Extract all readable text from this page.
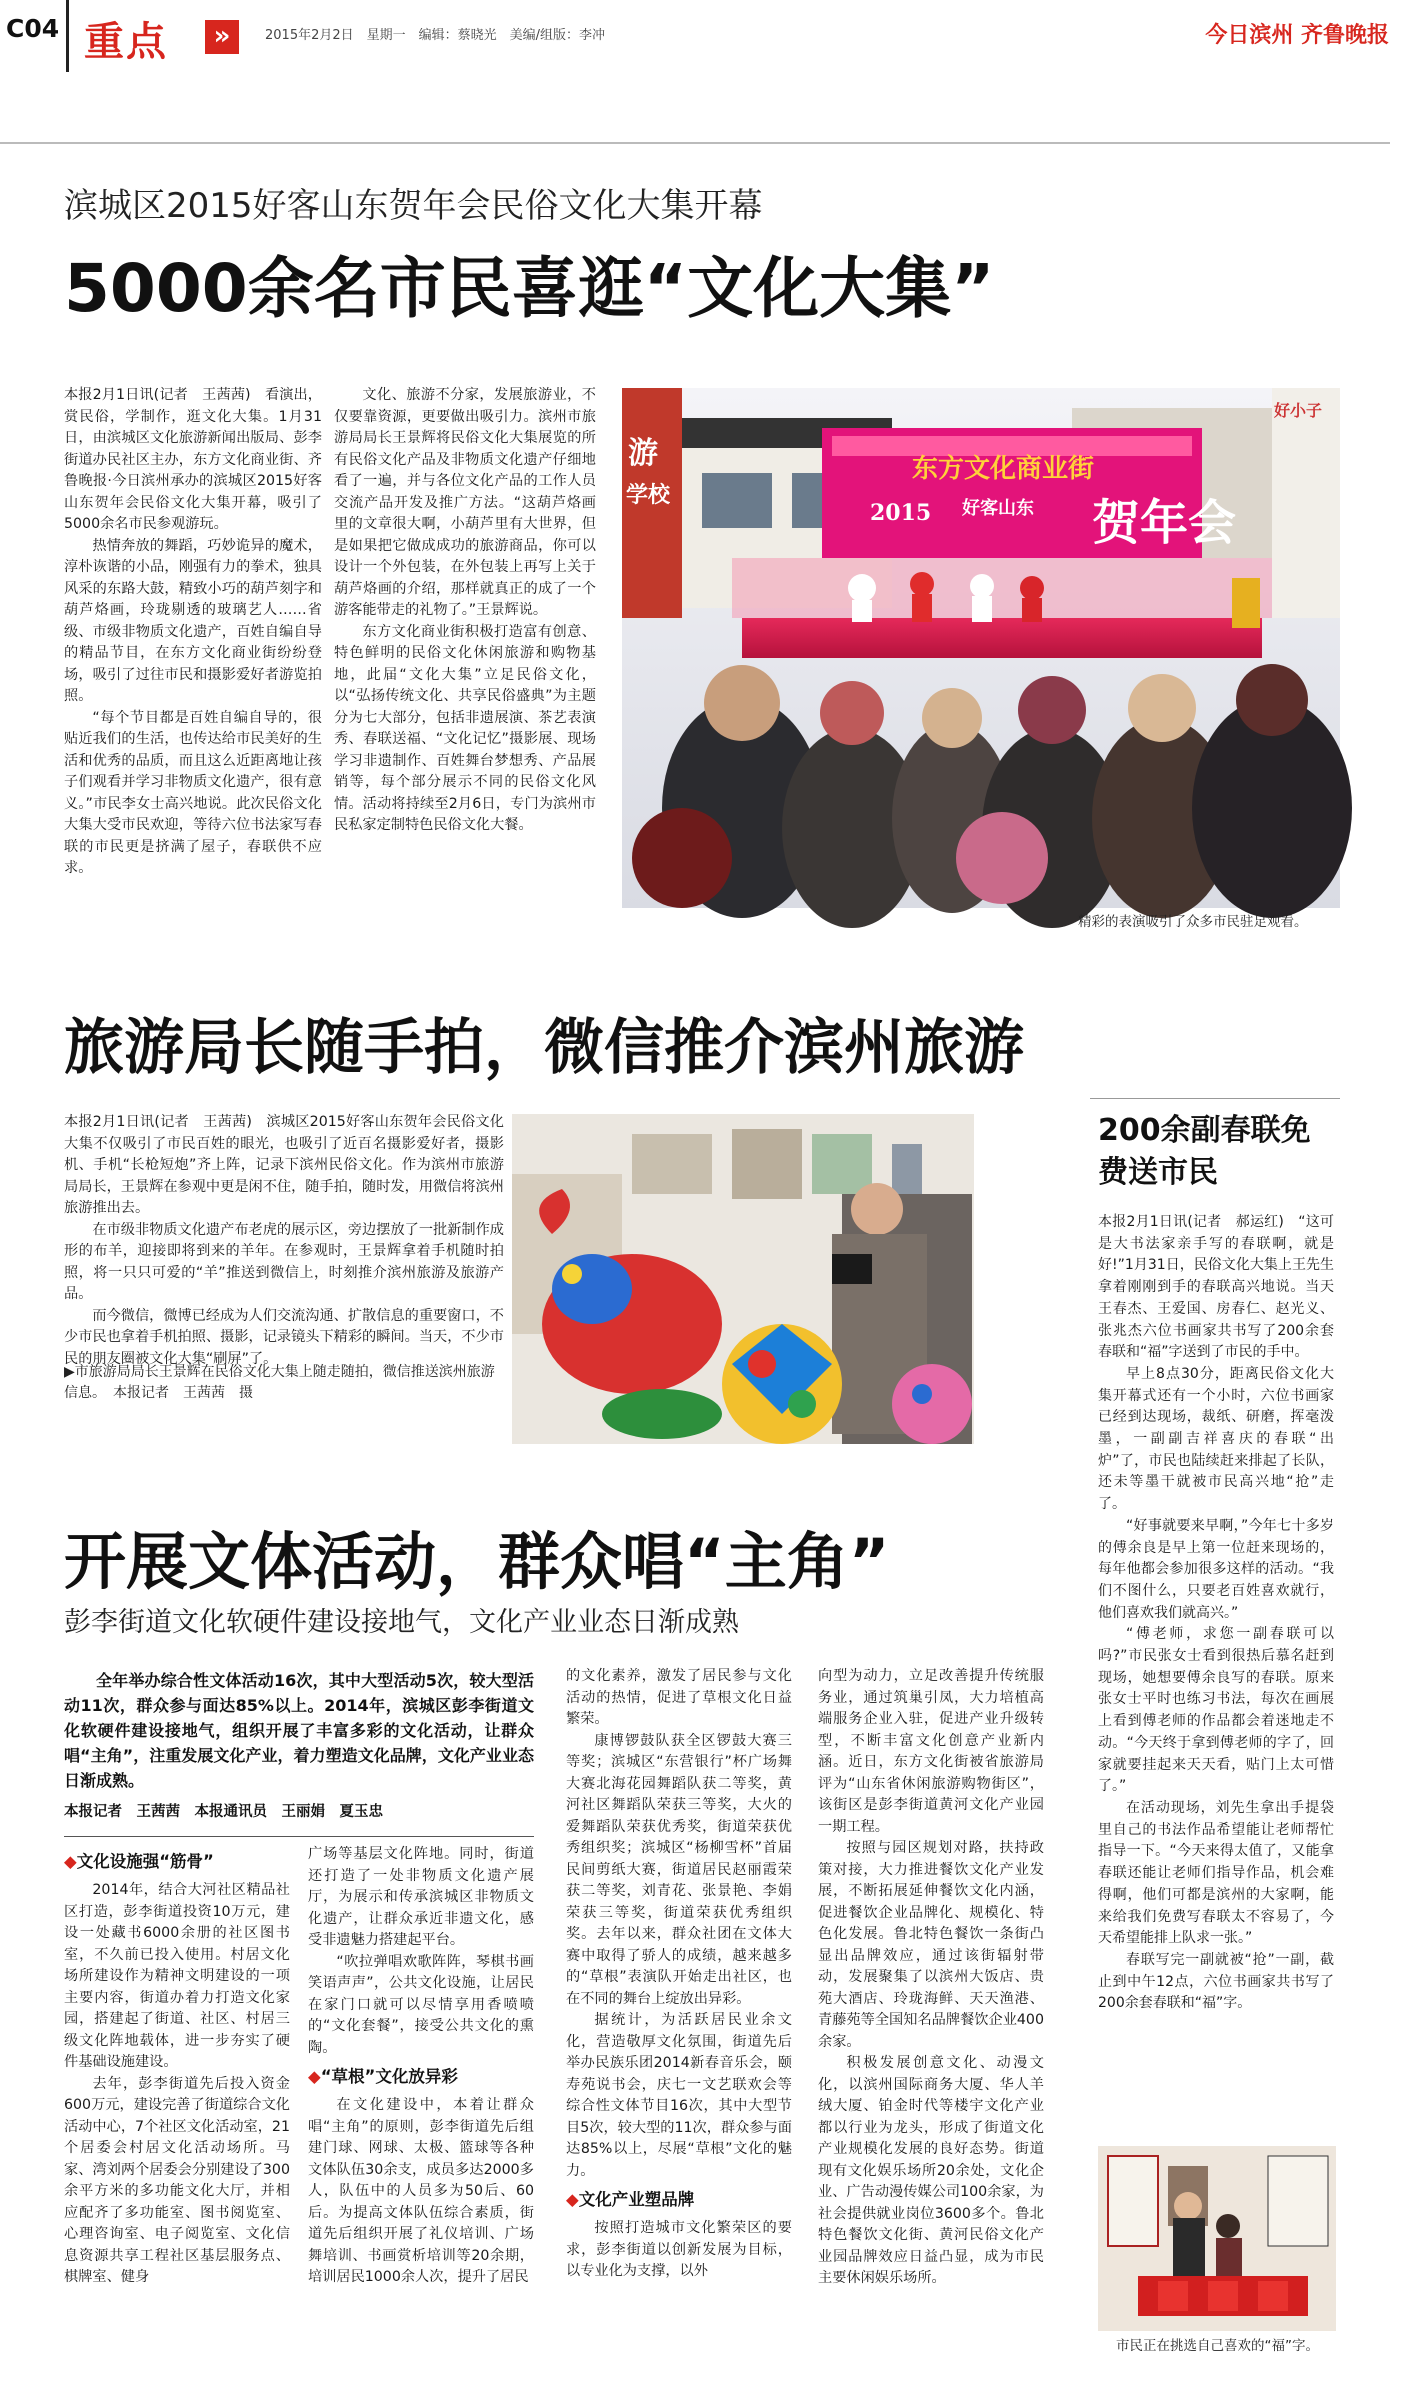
C04 重点	»	2015年2月2日　星期一　编辑：蔡晓光　美编/组版：李冲	今日滨州 齐鲁晚报
滨城区2015好客山东贺年会民俗文化大集开幕
5000余名市民喜逛“文化大集”

本报2月1日讯(记者　王茜茜)　看演出，赏民俗，学制作，逛文化大集。1月31日，由滨城区文化旅游新闻出版局、彭李街道办民社区主办，东方文化商业街、齐鲁晚报·今日滨州承办的滨城区2015好客山东贺年会民俗文化大集开幕，吸引了5000余名市民参观游玩。

热情奔放的舞蹈，巧妙诡异的魔术，淳朴诙谐的小品，刚强有力的拳术，独具风采的东路大鼓，精致小巧的葫芦刻字和葫芦烙画，玲珑剔透的玻璃艺人……省级、市级非物质文化遗产，百姓自编自导的精品节目，在东方文化商业街纷纷登场，吸引了过往市民和摄影爱好者游览拍照。

“每个节目都是百姓自编自导的，很贴近我们的生活，也传达给市民美好的生活和优秀的品质，而且这么近距离地让孩子们观看并学习非物质文化遗产，很有意义。”市民李女士高兴地说。此次民俗文化大集大受市民欢迎，等待六位书法家写春联的市民更是挤满了屋子，春联供不应求。

文化、旅游不分家，发展旅游业，不仅要靠资源，更要做出吸引力。滨州市旅游局局长王景辉将民俗文化大集展览的所有民俗文化产品及非物质文化遗产仔细地看了一遍，并与各位文化产品的工作人员交流产品开发及推广方法。“这葫芦烙画里的文章很大啊，小葫芦里有大世界，但是如果把它做成成功的旅游商品，你可以设计一个外包装，在外包装上再写上关于葫芦烙画的介绍，那样就真正的成了一个游客能带走的礼物了。”王景辉说。

东方文化商业街积极打造富有创意、特色鲜明的民俗文化休闲旅游和购物基地，此届“文化大集”立足民俗文化，以“弘扬传统文化、共享民俗盛典”为主题分为七大部分，包括非遗展演、茶艺表演秀、春联送福、“文化记忆”摄影展、现场学习非遗制作、百姓舞台梦想秀、产品展销等，每个部分展示不同的民俗文化风情。活动将持续至2月6日，专门为滨州市民私家定制特色民俗文化大餐。

东方文化商业街
2015 好客山东 贺年会
好小子
游
学校
精彩的表演吸引了众多市民驻足观看。
旅游局长随手拍，微信推介滨州旅游

本报2月1日讯(记者　王茜茜)　滨城区2015好客山东贺年会民俗文化大集不仅吸引了市民百姓的眼光，也吸引了近百名摄影爱好者，摄影机、手机“长枪短炮”齐上阵，记录下滨州民俗文化。作为滨州市旅游局局长，王景辉在参观中更是闲不住，随手拍，随时发，用微信将滨州旅游推出去。

在市级非物质文化遗产布老虎的展示区，旁边摆放了一批新制作成形的布羊，迎接即将到来的羊年。在参观时，王景辉拿着手机随时拍照，将一只只可爱的“羊”推送到微信上，时刻推介滨州旅游及旅游产品。

而今微信，微博已经成为人们交流沟通、扩散信息的重要窗口，不少市民也拿着手机拍照、摄影，记录镜头下精彩的瞬间。当天，不少市民的朋友圈被文化大集“刷屏”了。

▶市旅游局局长王景辉在民俗文化大集上随走随拍，微信推送滨州旅游信息。　本报记者　王茜茜　摄
200余副春联免费送市民

本报2月1日讯(记者　郝运红)　“这可是大书法家亲手写的春联啊，就是好!”1月31日，民俗文化大集上王先生拿着刚刚到手的春联高兴地说。当天王春杰、王爱国、房春仁、赵光义、张兆杰六位书画家共书写了200余套春联和“福”字送到了市民的手中。

早上8点30分，距离民俗文化大集开幕式还有一个小时，六位书画家已经到达现场，裁纸、研磨，挥毫泼墨，一副副吉祥喜庆的春联“出炉”了，市民也陆续赶来排起了长队，还未等墨干就被市民高兴地“抢”走了。

“好事就要来早啊，”今年七十多岁的傅余良是早上第一位赶来现场的，每年他都会参加很多这样的活动。“我们不图什么，只要老百姓喜欢就行，他们喜欢我们就高兴。”

“傅老师，求您一副春联可以吗?”市民张女士看到很热后慕名赶到现场，她想要傅余良写的春联。原来张女士平时也练习书法，每次在画展上看到傅老师的作品都会着迷地走不动。“今天终于拿到傅老师的字了，回家就要挂起来天天看，贴门上太可惜了。”

在活动现场，刘先生拿出手提袋里自己的书法作品希望能让老师帮忙指导一下。“今天来得太值了，又能拿春联还能让老师们指导作品，机会难得啊，他们可都是滨州的大家啊，能来给我们免费写春联太不容易了，今天希望能排上队求一张。”

春联写完一副就被“抢”一副，截止到中午12点，六位书画家共书写了200余套春联和“福”字。

市民正在挑选自己喜欢的“福”字。
开展文体活动，群众唱“主角”
彭李街道文化软硬件建设接地气，文化产业业态日渐成熟
全年举办综合性文体活动16次，其中大型活动5次，较大型活动11次，群众参与面达85%以上。2014年，滨城区彭李街道文化软硬件建设接地气，组织开展了丰富多彩的文化活动，让群众唱“主角”，注重发展文化产业，着力塑造文化品牌，文化产业业态日渐成熟。
本报记者　王茜茜　本报通讯员　王丽娟　夏玉忠
◆文化设施强“筋骨”

2014年，结合大河社区精品社区打造，彭李街道投资10万元，建设一处藏书6000余册的社区图书室，不久前已投入使用。村居文化场所建设作为精神文明建设的一项主要内容，街道办着力打造文化家园，搭建起了街道、社区、村居三级文化阵地载体，进一步夯实了硬件基础设施建设。

去年，彭李街道先后投入资金600万元，建设完善了街道综合文化活动中心，7个社区文化活动室，21个居委会村居文化活动场所。马家、湾刘两个居委会分别建设了300余平方米的多功能文化大厅，并相应配齐了多功能室、图书阅览室、心理咨询室、电子阅览室、文化信息资源共享工程社区基层服务点、棋牌室、健身

广场等基层文化阵地。同时，街道还打造了一处非物质文化遗产展厅，为展示和传承滨城区非物质文化遗产，让群众承近非遗文化，感受非遗魅力搭建起平台。

“吹拉弹唱欢歌阵阵，琴棋书画笑语声声”，公共文化设施，让居民在家门口就可以尽情享用香喷喷的“文化套餐”，接受公共文化的熏陶。

◆“草根”文化放异彩

在文化建设中，本着让群众唱“主角”的原则，彭李街道先后组建门球、网球、太极、篮球等各种文体队伍30余支，成员多达2000多人，队伍中的人员多为50后、60后。为提高文体队伍综合素质，街道先后组织开展了礼仪培训、广场舞培训、书画赏析培训等20余期，培训居民1000余人次，提升了居民

的文化素养，激发了居民参与文化活动的热情，促进了草根文化日益繁荣。

康博锣鼓队获全区锣鼓大赛三等奖；滨城区“东营银行”杯广场舞大赛北海花园舞蹈队获二等奖，黄河社区舞蹈队荣获三等奖，大火的爱舞蹈队荣获优秀奖，街道荣获优秀组织奖；滨城区“杨柳雪杯”首届民间剪纸大赛，街道居民赵丽霞荣获二等奖，刘青花、张景艳、李娟荣获三等奖，街道荣获优秀组织奖。去年以来，群众社团在文体大赛中取得了骄人的成绩，越来越多的“草根”表演队开始走出社区，也在不同的舞台上绽放出异彩。

据统计，为活跃居民业余文化，营造敬厚文化氛围，街道先后举办民族乐团2014新春音乐会，颐寿苑说书会，庆七一文艺联欢会等综合性文体节目16次，其中大型节目5次，较大型的11次，群众参与面达85%以上，尽展“草根”文化的魅力。

◆文化产业塑品牌

按照打造城市文化繁荣区的要求，彭李街道以创新发展为目标，以专业化为支撑，以外

向型为动力，立足改善提升传统服务业，通过筑巢引凤，大力培植高端服务企业入驻，促进产业升级转型，不断丰富文化创意产业新内涵。近日，东方文化街被省旅游局评为“山东省休闲旅游购物街区”，该街区是彭李街道黄河文化产业园一期工程。

按照与园区规划对路，扶持政策对接，大力推进餐饮文化产业发展，不断拓展延伸餐饮文化内涵，促进餐饮企业品牌化、规模化、特色化发展。鲁北特色餐饮一条街凸显出品牌效应，通过该街辐射带动，发展聚集了以滨州大饭店、贵苑大酒店、玲珑海鲜、天天渔港、青藤苑等全国知名品牌餐饮企业400余家。

积极发展创意文化、动漫文化，以滨州国际商务大厦、华人羊绒大厦、铂金时代等楼宇文化产业都以行业为龙头，形成了街道文化产业规模化发展的良好态势。街道现有文化娱乐场所20余处，文化企业、广告动漫传媒公司100余家，为社会提供就业岗位3600多个。鲁北特色餐饮文化街、黄河民俗文化产业园品牌效应日益凸显，成为市民主要休闲娱乐场所。
